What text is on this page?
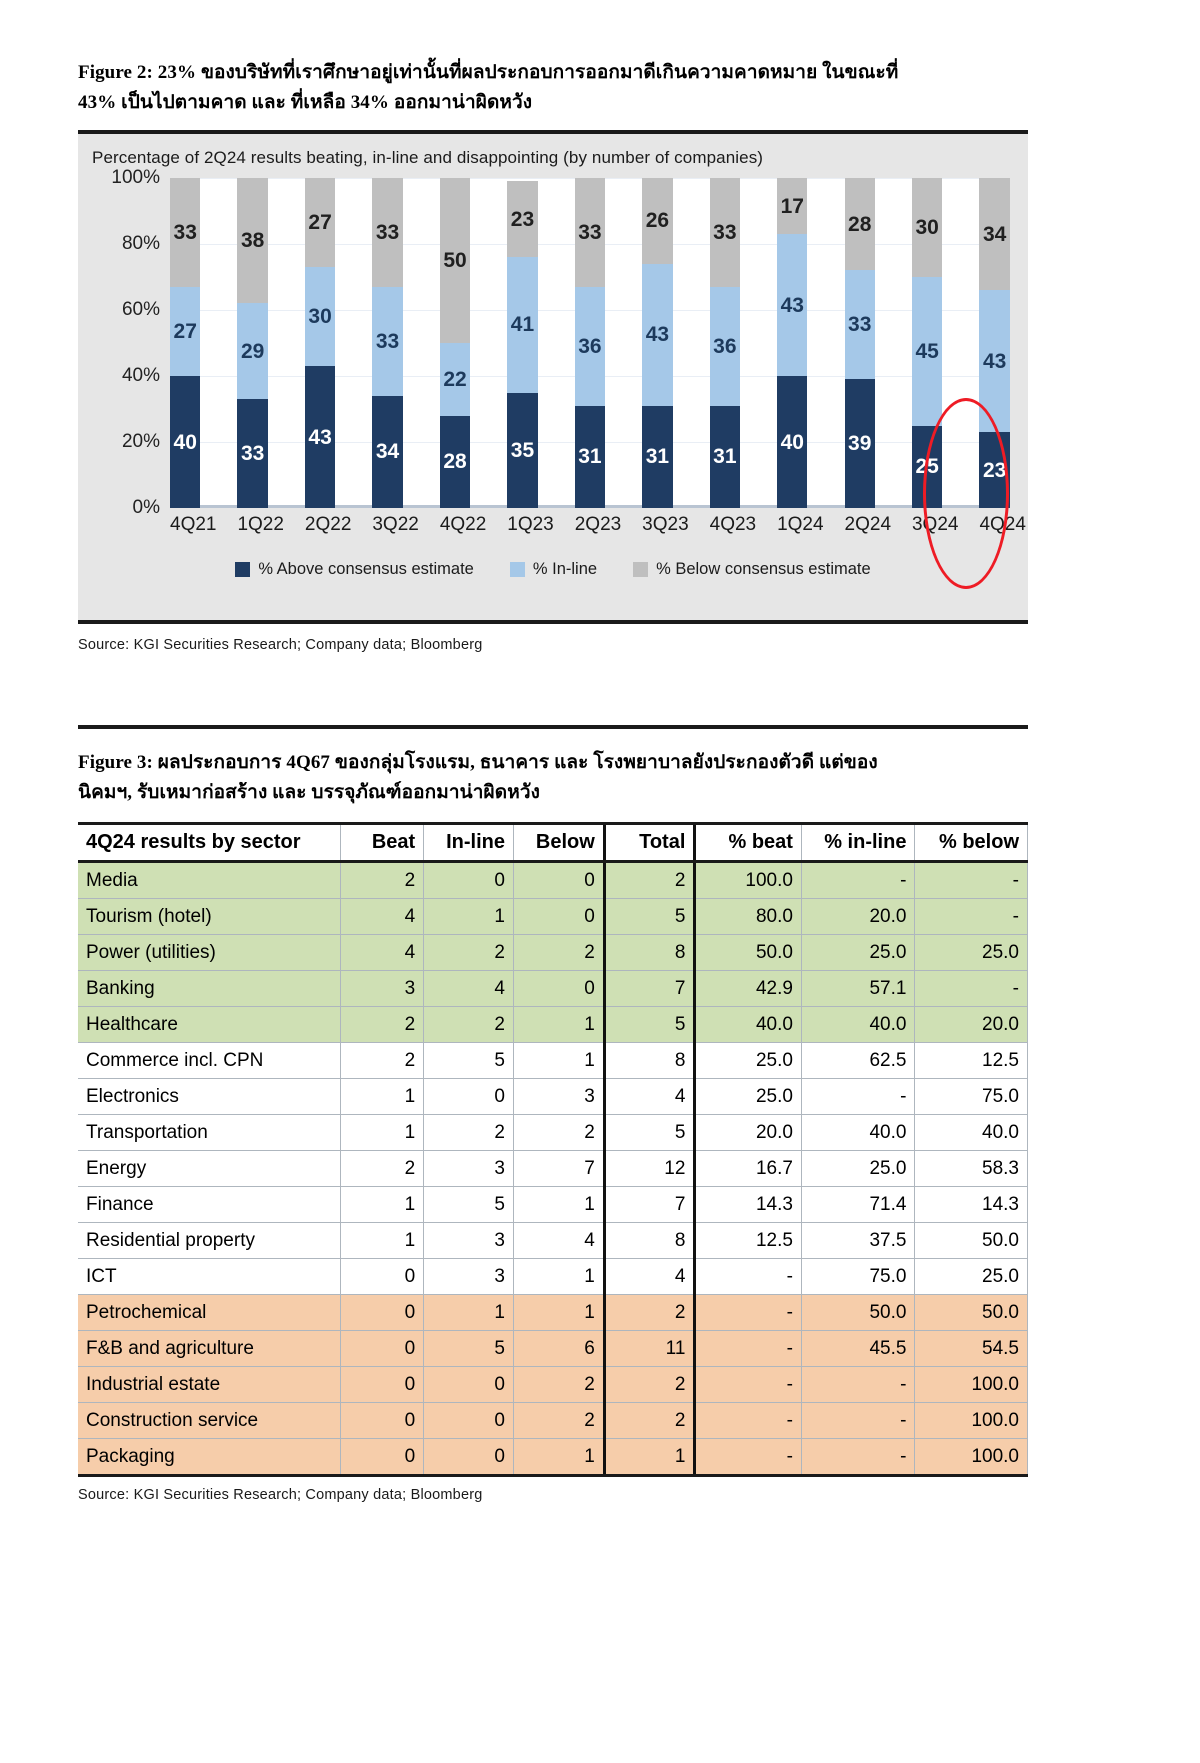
Figure 2: 23% ของบริษัทที่เราศึกษาอยู่เท่านั้นที่ผลประกอบการออกมาดีเกินความคาดหมาย ในขณะที่
43% เป็นไปตามคาด และ ที่เหลือ 34% ออกมาน่าผิดหวัง
Percentage of 2Q24 results beating, in-line and disappointing (by number of companies)
100%
80%
60%
40%
20%
0%
33
27
40
38
29
33
27
30
43
33
33
34
50
22
28
23
41
35
33
36
31
26
43
31
33
36
31
17
43
40
28
33
39
30
45
25
34
43
23
4Q21 1Q22 2Q22 3Q22 4Q22 1Q23 2Q23 3Q23 4Q23 1Q24 2Q24 3Q24 4Q24
% Above consensus estimate	% In-line	% Below consensus estimate
Source: KGI Securities Research; Company data; Bloomberg
Figure 3: ผลประกอบการ 4Q67 ของกลุ่มโรงแรม, ธนาคาร และ โรงพยาบาลยังประกองตัวดี แต่ของ
นิคมฯ, รับเหมาก่อสร้าง และ บรรจุภัณฑ์ออกมาน่าผิดหวัง
4Q24 results by sector	Beat	In-line	Below	Total	% beat	% in-line	% below
Media	2	0	0	2	100.0	-	-
Tourism (hotel)	4	1	0	5	80.0	20.0	-
Power (utilities)	4	2	2	8	50.0	25.0	25.0
Banking	3	4	0	7	42.9	57.1	-
Healthcare	2	2	1	5	40.0	40.0	20.0
Commerce incl. CPN	2	5	1	8	25.0	62.5	12.5
Electronics	1	0	3	4	25.0	-	75.0
Transportation	1	2	2	5	20.0	40.0	40.0
Energy	2	3	7	12	16.7	25.0	58.3
Finance	1	5	1	7	14.3	71.4	14.3
Residential property	1	3	4	8	12.5	37.5	50.0
ICT	0	3	1	4	-	75.0	25.0
Petrochemical	0	1	1	2	-	50.0	50.0
F&B and agriculture	0	5	6	11	-	45.5	54.5
Industrial estate	0	0	2	2	-	-	100.0
Construction service	0	0	2	2	-	-	100.0
Packaging	0	0	1	1	-	-	100.0
Source: KGI Securities Research; Company data; Bloomberg
